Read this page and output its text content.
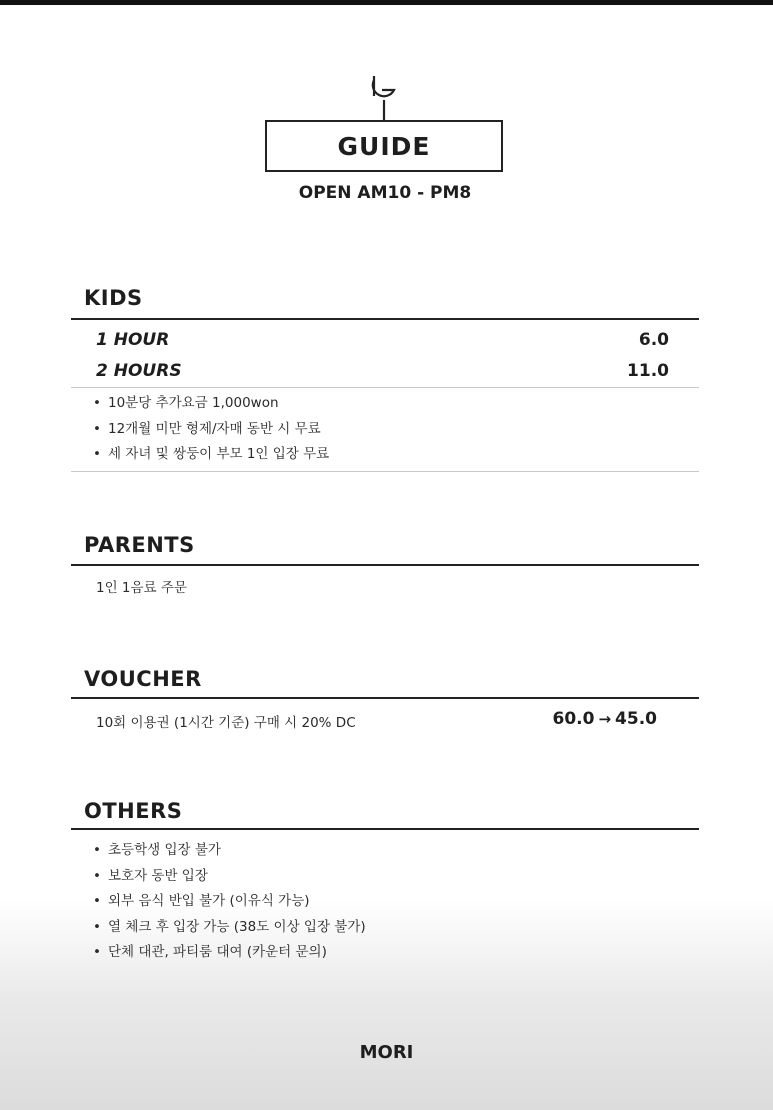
GUIDE
OPEN AM10 - PM8
KIDS
1 HOUR	6.0
2 HOURS	11.0
• 10분당 추가요금 1,000won
• 12개월 미만 형제/자매 동반 시 무료
• 세 자녀 및 쌍둥이 부모 1인 입장 무료
PARENTS
1인 1음료 주문
VOUCHER
10회 이용권 (1시간 기준) 구매 시 20% DC	60.0 → 45.0
OTHERS
• 초등학생 입장 불가
• 보호자 동반 입장
• 외부 음식 반입 불가 (이유식 가능)
• 열 체크 후 입장 가능 (38도 이상 입장 불가)
• 단체 대관, 파티룸 대여 (카운터 문의)
MORI
